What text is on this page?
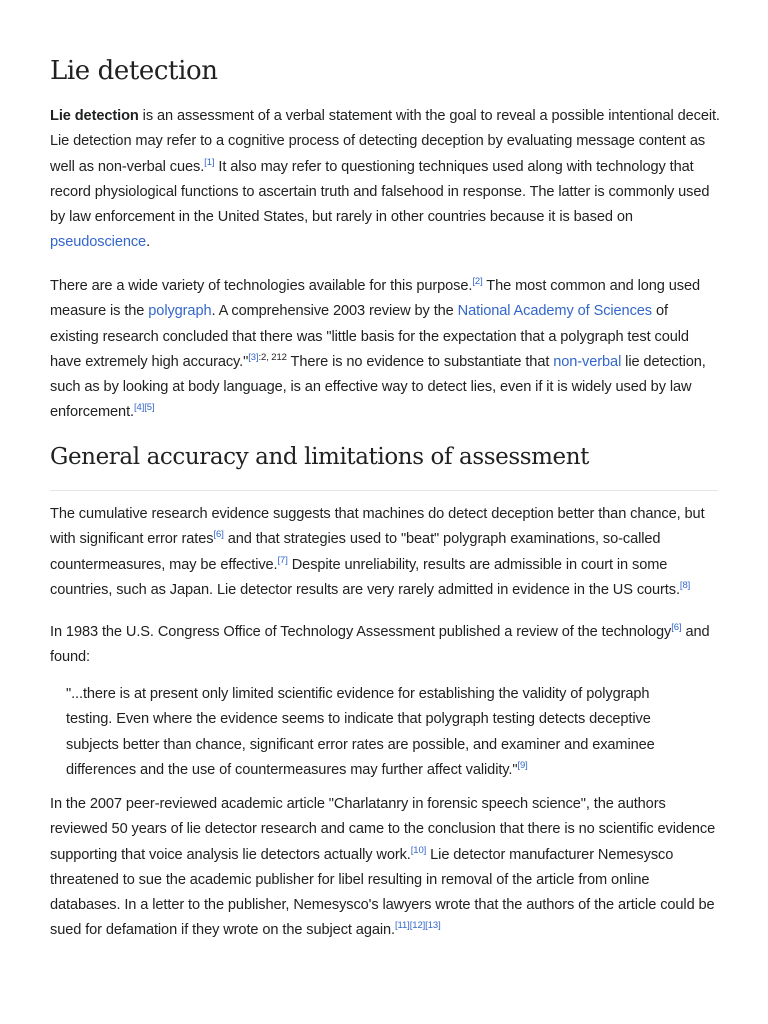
Lie detection

Lie detection is an assessment of a verbal statement with the goal to reveal a possible intentional deceit. Lie detection may refer to a cognitive process of detecting deception by evaluating message content as well as non-verbal cues.[1] It also may refer to questioning techniques used along with technology that record physiological functions to ascertain truth and falsehood in response. The latter is commonly used by law enforcement in the United States, but rarely in other countries because it is based on pseudoscience.

There are a wide variety of technologies available for this purpose.[2] The most common and long used measure is the polygraph. A comprehensive 2003 review by the National Academy of Sciences of existing research concluded that there was "little basis for the expectation that a polygraph test could have extremely high accuracy."$^{[3]:2, 212}$ There is no evidence to substantiate that non-verbal lie detection, such as by looking at body language, is an effective way to detect lies, even if it is widely used by law enforcement.[4][5]

General accuracy and limitations of assessment

The cumulative research evidence suggests that machines do detect deception better than chance, but with significant error rates[6] and that strategies used to "beat" polygraph examinations, so-called countermeasures, may be effective.[7] Despite unreliability, results are admissible in court in some countries, such as Japan. Lie detector results are very rarely admitted in evidence in the US courts.[8]

In 1983 the U.S. Congress Office of Technology Assessment published a review of the technology[6] and found:

"...there is at present only limited scientific evidence for establishing the validity of polygraph testing. Even where the evidence seems to indicate that polygraph testing detects deceptive subjects better than chance, significant error rates are possible, and examiner and examinee differences and the use of countermeasures may further affect validity."[9]

In the 2007 peer-reviewed academic article "Charlatanry in forensic speech science", the authors reviewed 50 years of lie detector research and came to the conclusion that there is no scientific evidence supporting that voice analysis lie detectors actually work.[10] Lie detector manufacturer Nemesysco threatened to sue the academic publisher for libel resulting in removal of the article from online databases. In a letter to the publisher, Nemesysco's lawyers wrote that the authors of the article could be sued for defamation if they wrote on the subject again.[11][12][13]
